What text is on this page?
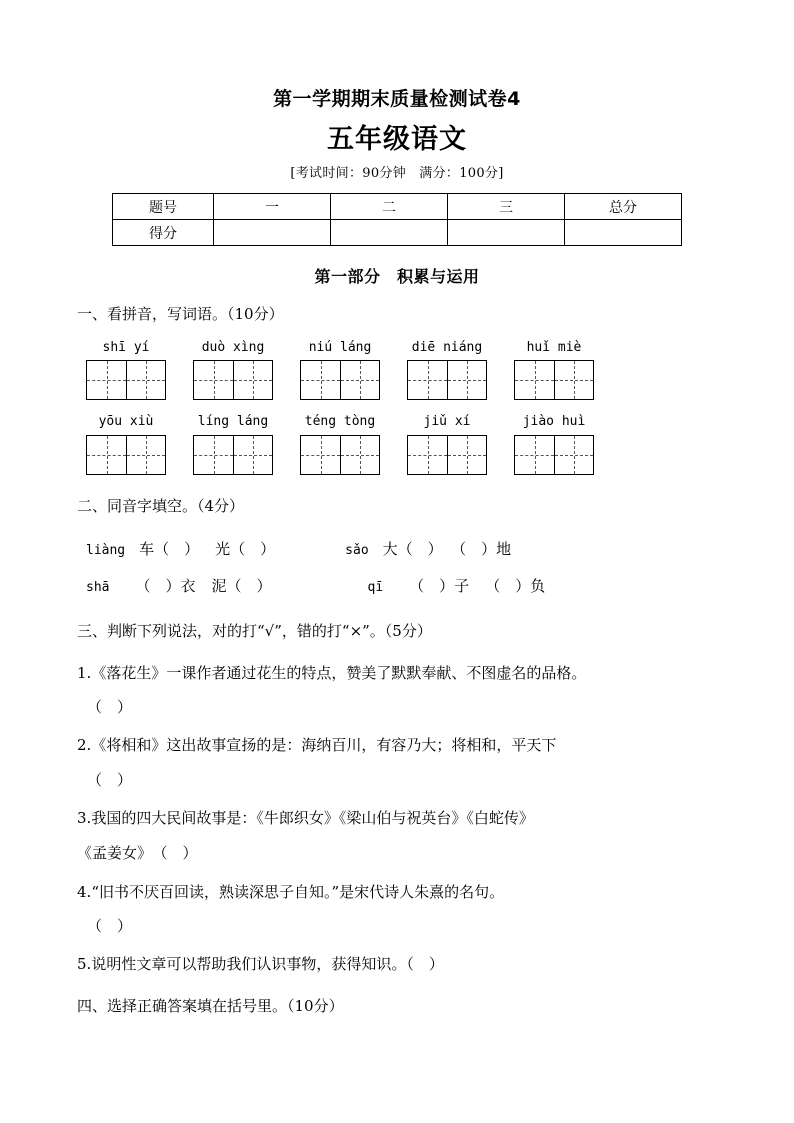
第一学期期末质量检测试卷4
五年级语文

[考试时间：90分钟　满分：100分]

题号	一	二	三	总分
得分				
第一部分　积累与运用

一、看拼音，写词语。（10分）

shī yí	duò xìng	niú láng	diē niáng	huǐ miè
yōu xiù	líng láng	téng tòng	jiǔ xí	jiào huì

二、同音字填空。（4分）

liàng 车（　） 光（　）	sǎo 大（　） （　）地
shā	（　）衣 泥（　）	qī	（　）子 （　）负

三、判断下列说法，对的打“√”，错的打“×”。（5分）

1.《落花生》一课作者通过花生的特点，赞美了默默奉献、不图虚名的品格。
（　）
2.《将相和》这出故事宣扬的是：海纳百川，有容乃大；将相和，平天下
（　）
3.我国的四大民间故事是：《牛郎织女》《梁山伯与祝英台》《白蛇传》
《孟姜女》 （　）
4.“旧书不厌百回读，熟读深思子自知。”是宋代诗人朱熹的名句。
（　）
5.说明性文章可以帮助我们认识事物，获得知识。（　）

四、选择正确答案填在括号里。（10分）
